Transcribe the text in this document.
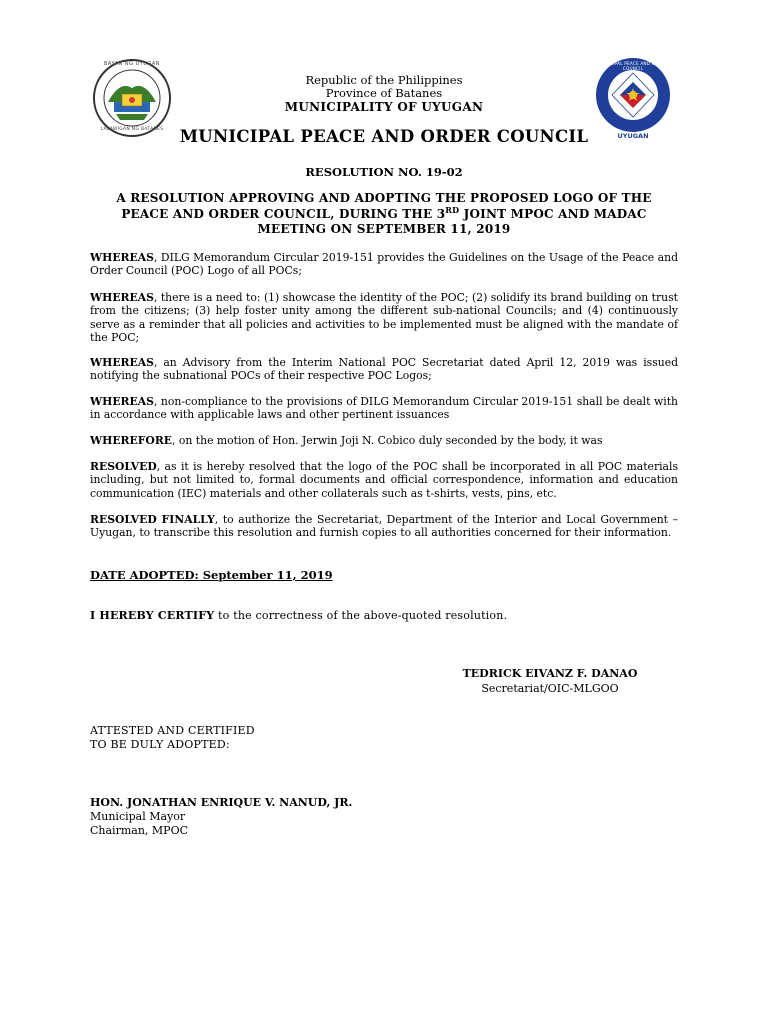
BAYAN NG UYUGAN
LALAWIGAN NG BATANES
MUNICIPAL PEACE AND ORDER COUNCIL
UYUGAN
Republic of the Philippines
Province of Batanes
MUNICIPALITY OF UYUGAN
MUNICIPAL PEACE AND ORDER COUNCIL
RESOLUTION NO. 19-02
A RESOLUTION APPROVING AND ADOPTING THE PROPOSED LOGO OF THE
PEACE AND ORDER COUNCIL, DURING THE 3RD JOINT MPOC AND MADAC
MEETING ON SEPTEMBER 11, 2019
WHEREAS, DILG Memorandum Circular 2019-151 provides the Guidelines on the Usage of the Peace and Order Council (POC) Logo of all POCs;
WHEREAS, there is a need to: (1) showcase the identity of the POC; (2) solidify its brand building on trust from the citizens; (3) help foster unity among the different sub-national Councils; and (4) continuously serve as a reminder that all policies and activities to be implemented must be aligned with the mandate of the POC;
WHEREAS, an Advisory from the Interim National POC Secretariat dated April 12, 2019 was issued notifying the subnational POCs of their respective POC Logos;
WHEREAS, non-compliance to the provisions of DILG Memorandum Circular 2019-151 shall be dealt with in accordance with applicable laws and other pertinent issuances
WHEREFORE, on the motion of Hon. Jerwin Joji N. Cobico duly seconded by the body, it was
RESOLVED, as it is hereby resolved that the logo of the POC shall be incorporated in all POC materials including, but not limited to, formal documents and official correspondence, information and education communication (IEC) materials and other collaterals such as t-shirts, vests, pins, etc.
RESOLVED FINALLY, to authorize the Secretariat, Department of the Interior and Local Government – Uyugan, to transcribe this resolution and furnish copies to all authorities concerned for their information.
DATE ADOPTED: September 11, 2019
I HEREBY CERTIFY to the correctness of the above-quoted resolution.
TEDRICK EIVANZ F. DANAO
Secretariat/OIC-MLGOO
ATTESTED AND CERTIFIED
TO BE DULY ADOPTED:
HON. JONATHAN ENRIQUE V. NANUD, JR.
Municipal Mayor
Chairman, MPOC
